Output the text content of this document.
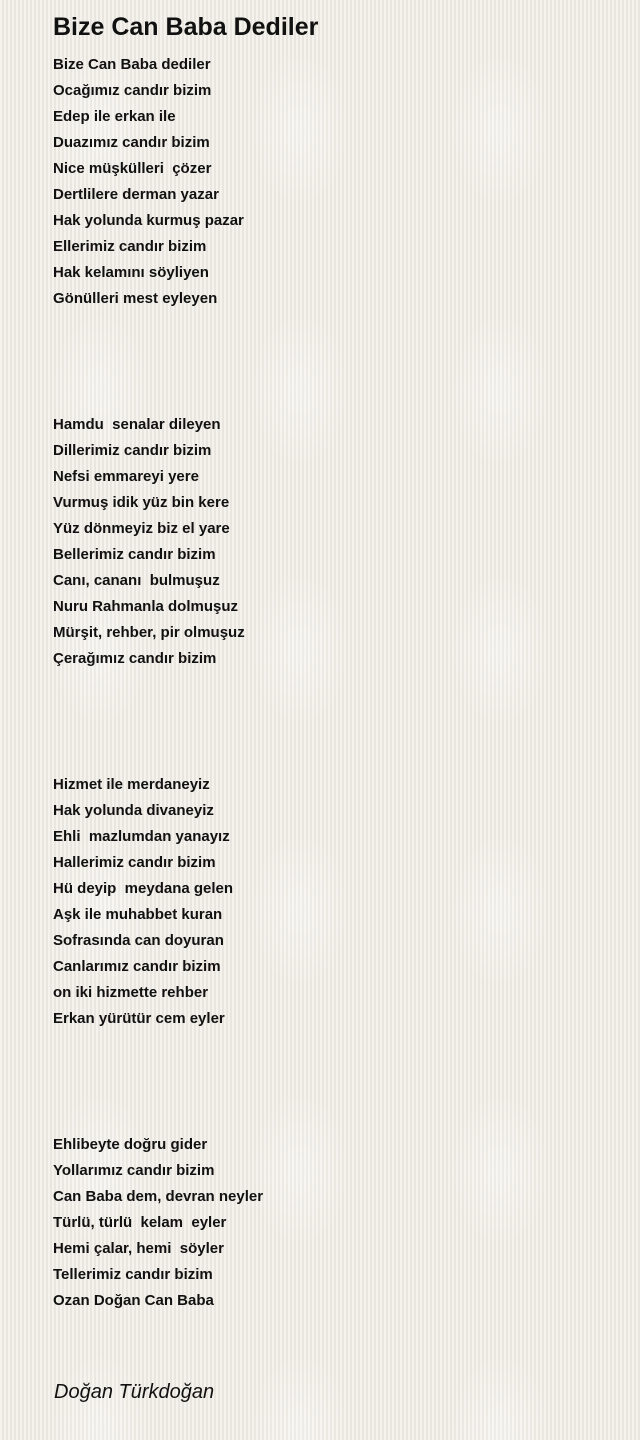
Bize Can Baba Dediler
Bize Can Baba dediler
Ocağımız candır bizim
Edep ile erkan ile
Duazımız candır bizim
Nice müşkülleri  çözer
Dertlilere derman yazar
Hak yolunda kurmuş pazar
Ellerimiz candır bizim
Hak kelamını söyliyen
Gönülleri mest eyleyen
Hamdu  senalar dileyen
Dillerimiz candır bizim
Nefsi emmareyi yere
Vurmuş idik yüz bin kere
Yüz dönmeyiz biz el yare
Bellerimiz candır bizim
Canı, cananı  bulmuşuz
Nuru Rahmanla dolmuşuz
Mürşit, rehber, pir olmuşuz
Çerağımız candır bizim
Hizmet ile merdaneyiz
Hak yolunda divaneyiz
Ehli  mazlumdan yanayız
Hallerimiz candır bizim
Hü deyip  meydana gelen
Aşk ile muhabbet kuran
Sofrasında can doyuran
Canlarımız candır bizim
on iki hizmette rehber
Erkan yürütür cem eyler
Ehlibeyte doğru gider
Yollarımız candır bizim
Can Baba dem, devran neyler
Türlü, türlü  kelam  eyler
Hemi çalar, hemi  söyler
Tellerimiz candır bizim
Ozan Doğan Can Baba
Doğan Türkdoğan
